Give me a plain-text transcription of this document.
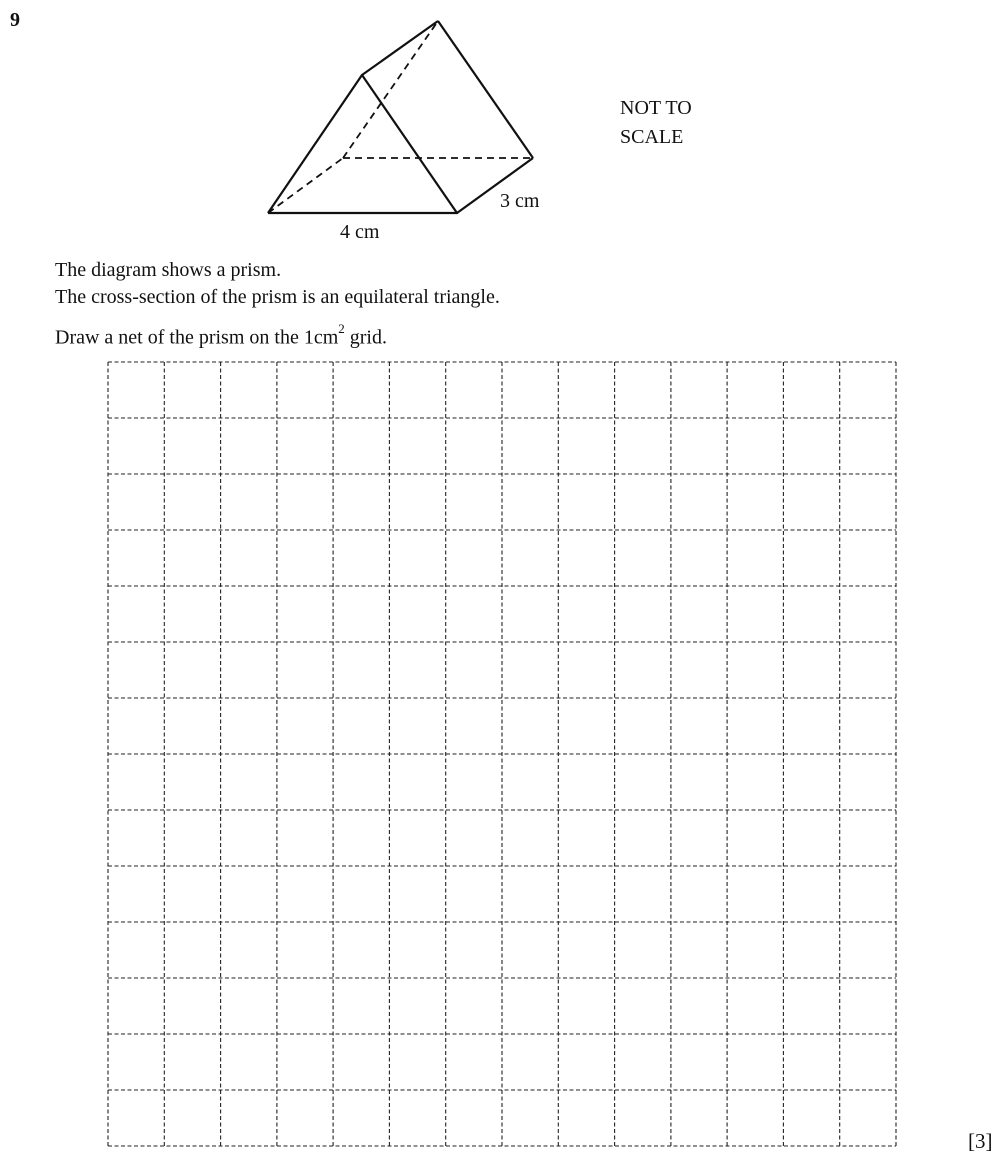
9
4 cm
3 cm
NOT TO
SCALE
The diagram shows a prism.
The cross-section of the prism is an equilateral triangle.
Draw a net of the prism on the $1cm^2$ grid.
[3]
